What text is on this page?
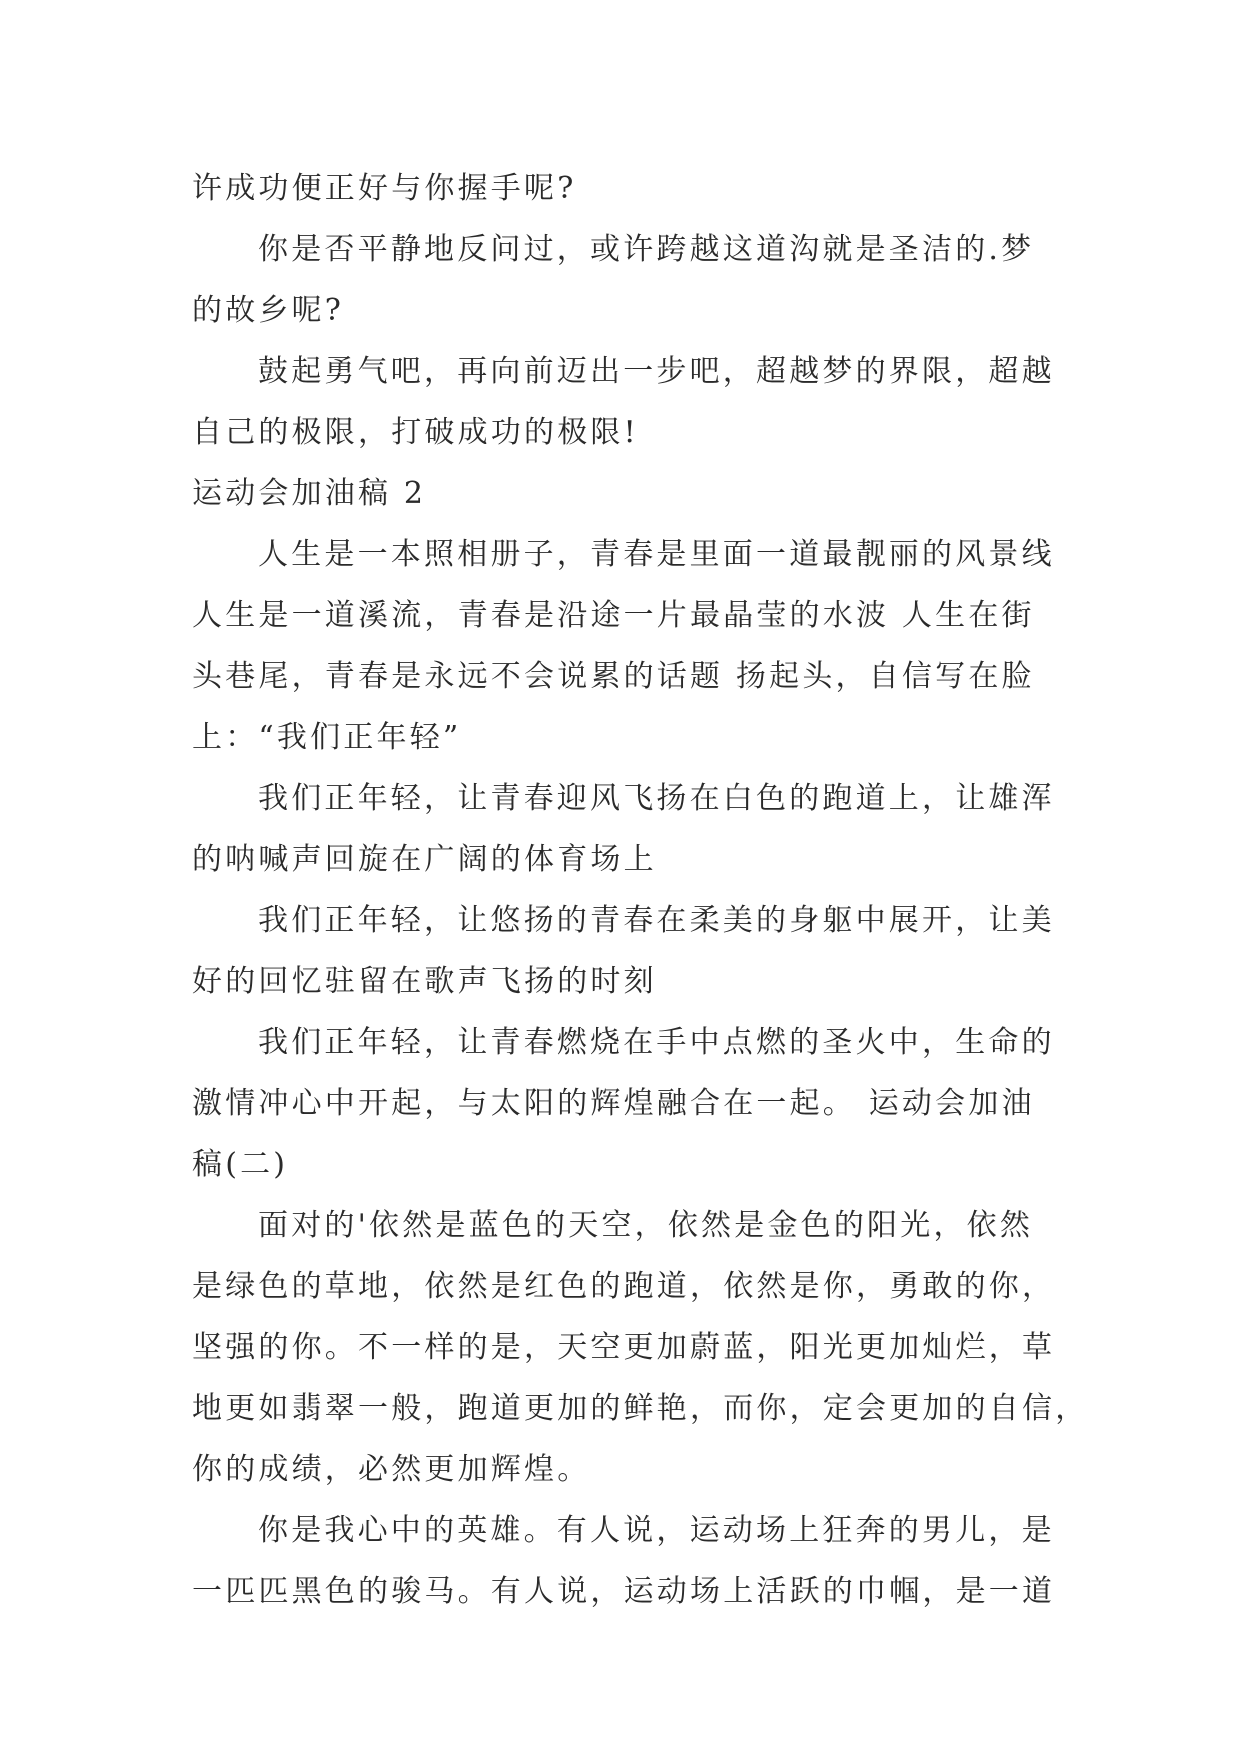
许成功便正好与你握手呢?
你是否平静地反问过，或许跨越这道沟就是圣洁的.梦
的故乡呢?
鼓起勇气吧，再向前迈出一步吧，超越梦的界限，超越
自己的极限，打破成功的极限!
运动会加油稿 2
人生是一本照相册子，青春是里面一道最靓丽的风景线
人生是一道溪流，青春是沿途一片最晶莹的水波 人生在街
头巷尾，青春是永远不会说累的话题 扬起头，自信写在脸
上：“我们正年轻”
我们正年轻，让青春迎风飞扬在白色的跑道上，让雄浑
的呐喊声回旋在广阔的体育场上
我们正年轻，让悠扬的青春在柔美的身躯中展开，让美
好的回忆驻留在歌声飞扬的时刻
我们正年轻，让青春燃烧在手中点燃的圣火中，生命的
激情冲心中开起，与太阳的辉煌融合在一起。 运动会加油
稿(二)
面对的'依然是蓝色的天空，依然是金色的阳光，依然
是绿色的草地，依然是红色的跑道，依然是你，勇敢的你，
坚强的你。不一样的是，天空更加蔚蓝，阳光更加灿烂，草
地更如翡翠一般，跑道更加的鲜艳，而你，定会更加的自信，
你的成绩，必然更加辉煌。
你是我心中的英雄。有人说，运动场上狂奔的男儿，是
一匹匹黑色的骏马。有人说，运动场上活跃的巾帼，是一道
